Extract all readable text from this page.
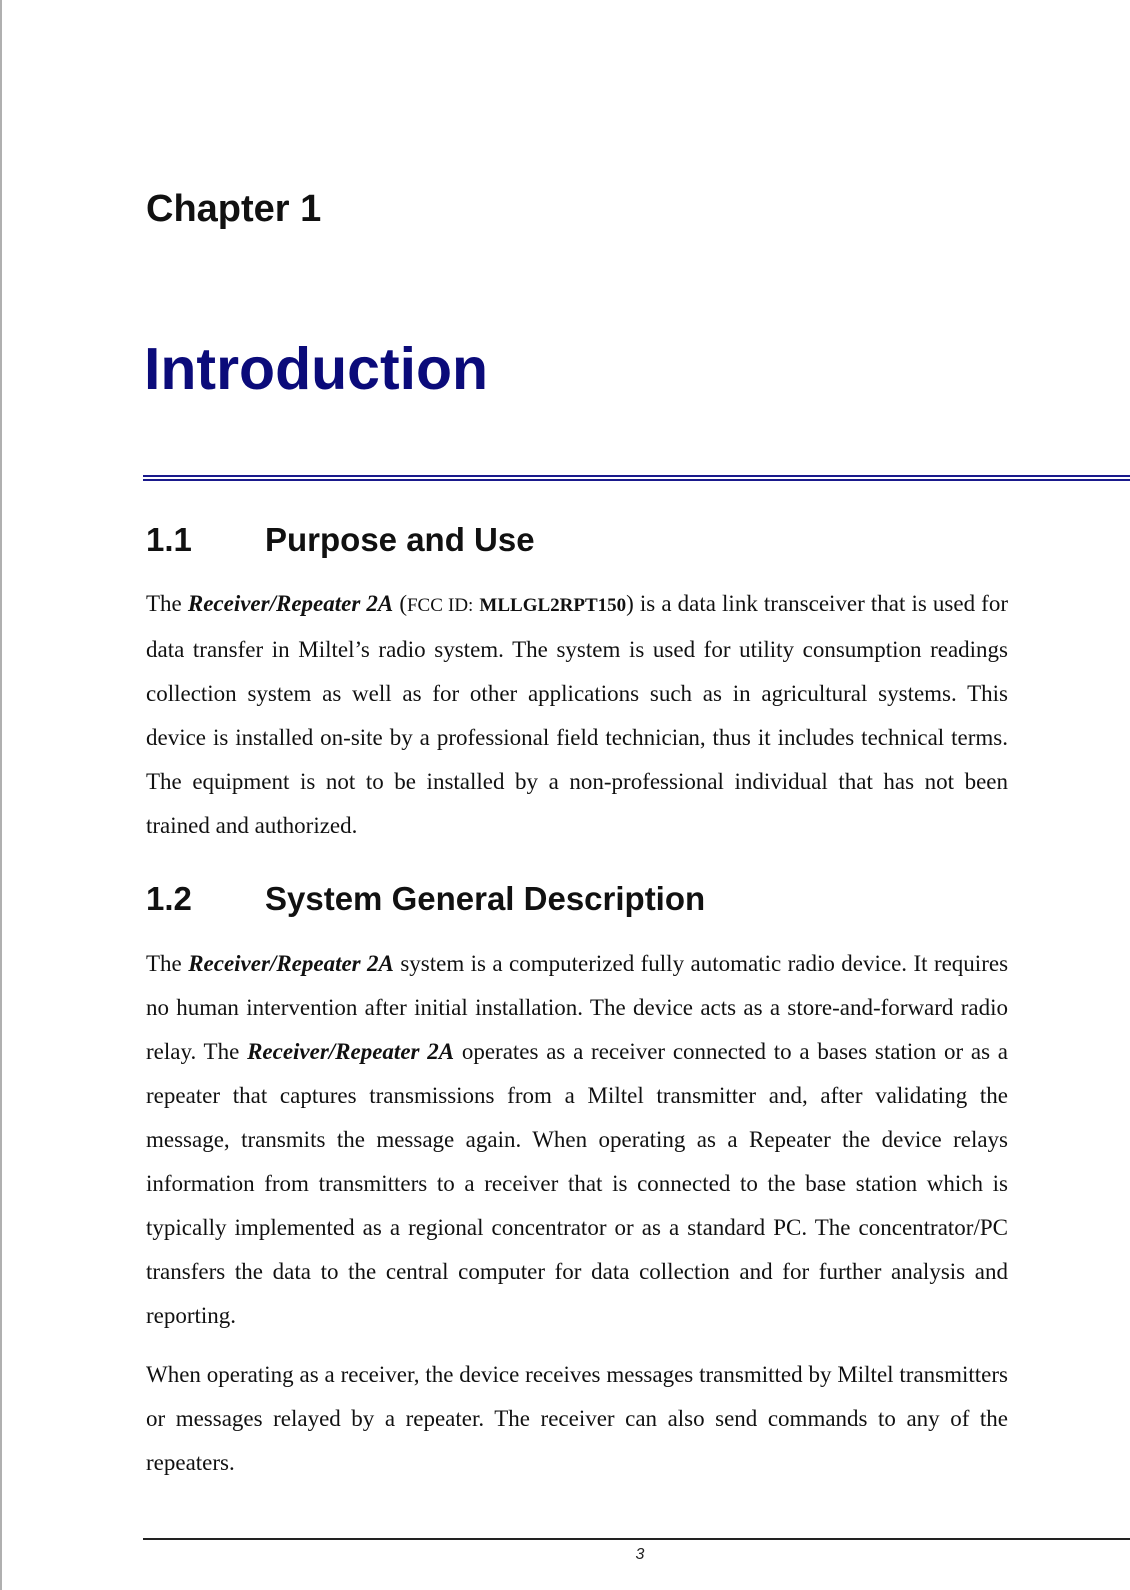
Chapter 1
Introduction
1.1 Purpose and Use

The Receiver/Repeater 2A (FCC ID: MLLGL2RPT150) is a data link transceiver that is used for data transfer in Miltel’s radio system. The system is used for utility consumption readings collection system as well as for other applications such as in agricultural systems. This device is installed on-site by a professional field technician, thus it includes technical terms. The equipment is not to be installed by a non-professional individual that has not been trained and authorized.

1.2 System General Description

The Receiver/Repeater 2A system is a computerized fully automatic radio device. It requires no human intervention after initial installation. The device acts as a store-and-forward radio relay. The Receiver/Repeater 2A operates as a receiver connected to a bases station or as a repeater that captures transmissions from a Miltel transmitter and, after validating the message, transmits the message again. When operating as a Repeater the device relays information from transmitters to a receiver that is connected to the base station which is typically implemented as a regional concentrator or as a standard PC. The concentrator/PC transfers the data to the central computer for data collection and for further analysis and reporting.

When operating as a receiver, the device receives messages transmitted by Miltel transmitters or messages relayed by a repeater. The receiver can also send commands to any of the repeaters.

3
